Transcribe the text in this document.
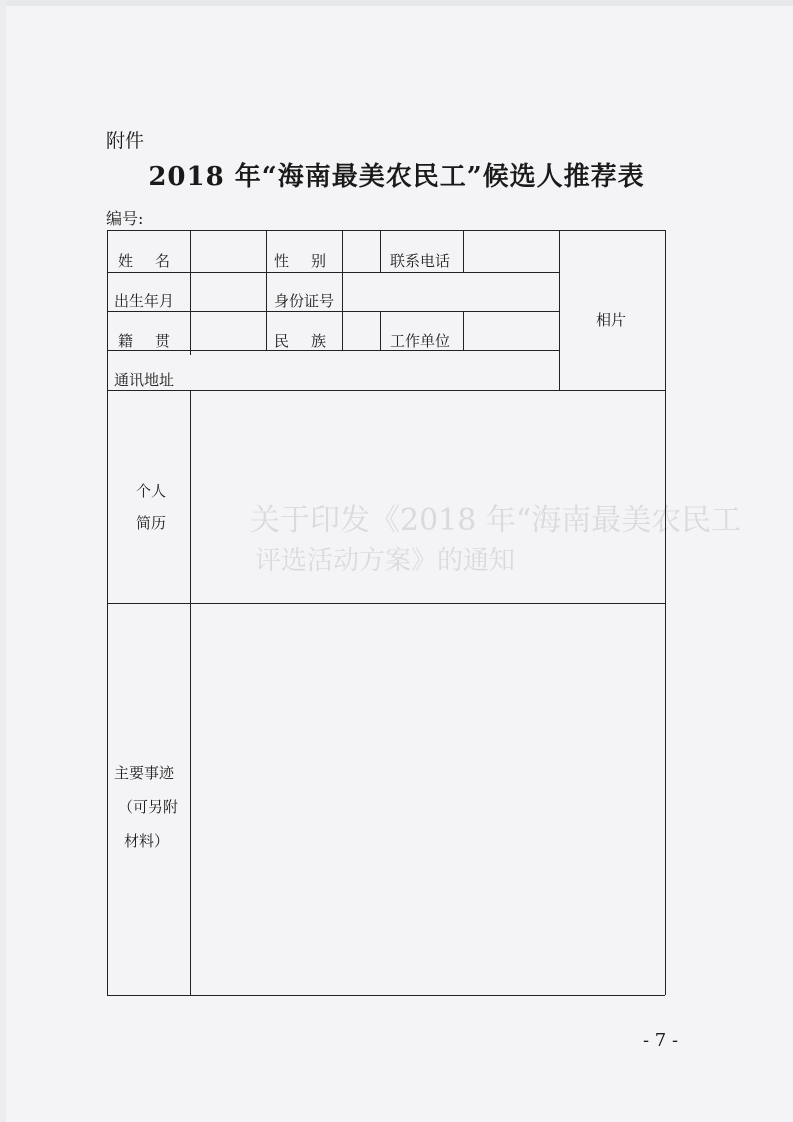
关于印发《2018 年“海南最美农民工
评选活动方案》的通知
附件
2018 年“海南最美农民工”候选人推荐表
编号:
姓名	性别	联系电话
相片
出生年月	身份证号
籍贯	民族	工作单位
通讯地址
个人
简历
主要事迹
（可另附
材料）
- 7 -
